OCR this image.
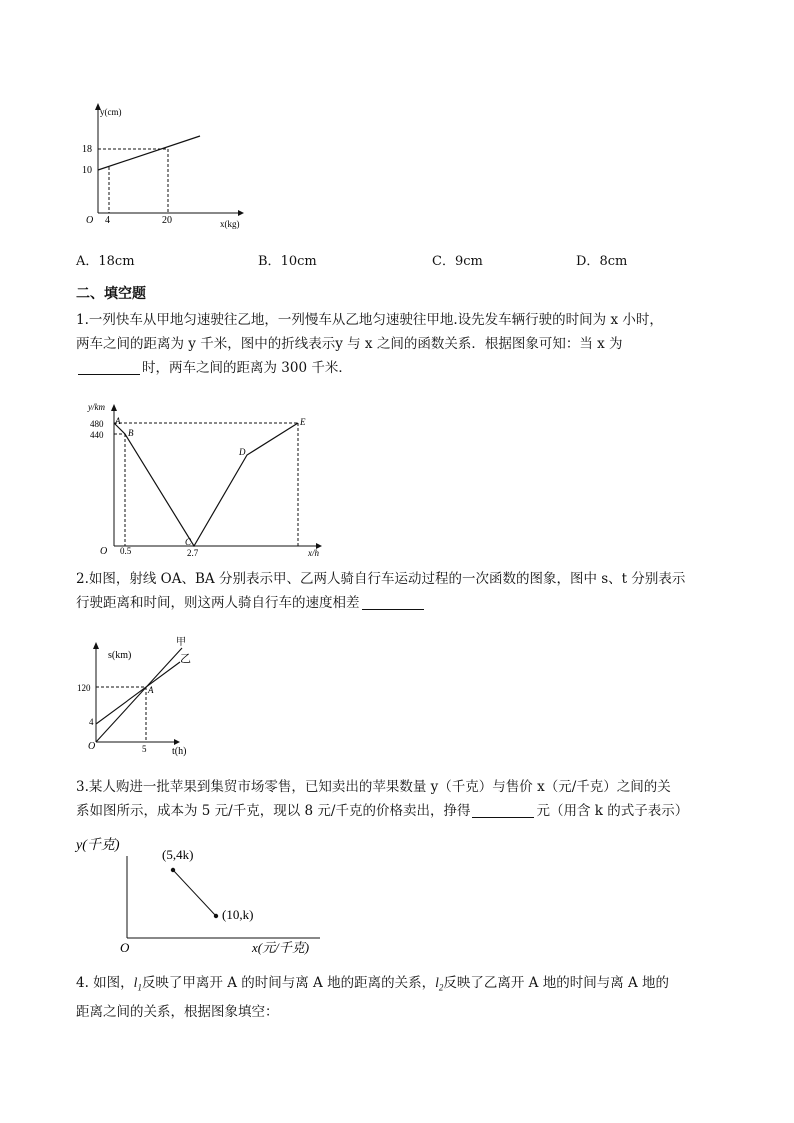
y(cm)
18
10
O 4	20	x(kg)
A．18cm	B．10cm	C．9cm	D．8cm
二、填空题
1.一列快车从甲地匀速驶往乙地，一列慢车从乙地匀速驶往甲地.设先发车辆行驶的时间为 x 小时，
两车之间的距离为 y 千米，图中的折线表示y 与 x 之间的函数关系．根据图象可知：当 x 为
时，两车之间的距离为 300 千米．
y/km
480
440
O 0.5	2.7	x/h
A
B
C
D
E
2.如图，射线 OA、BA 分别表示甲、乙两人骑自行车运动过程的一次函数的图象，图中 s、t 分别表示
行驶距离和时间，则这两人骑自行车的速度相差
s(km)
120
4
O	5	t(h)
A
甲
乙
3.某人购进一批苹果到集贸市场零售，已知卖出的苹果数量 y（千克）与售价 x（元/千克）之间的关
系如图所示，成本为 5 元/千克，现以 8 元/千克的价格卖出，挣得	元（用含 k 的式子表示）
y(千克)
O
(5,4k)
(10,k)
x(元/千克)
4. 如图，$l_1$反映了甲离开 A 的时间与离 A 地的距离的关系，$l_2$反映了乙离开 A 地的时间与离 A 地的
距离之间的关系，根据图象填空：
